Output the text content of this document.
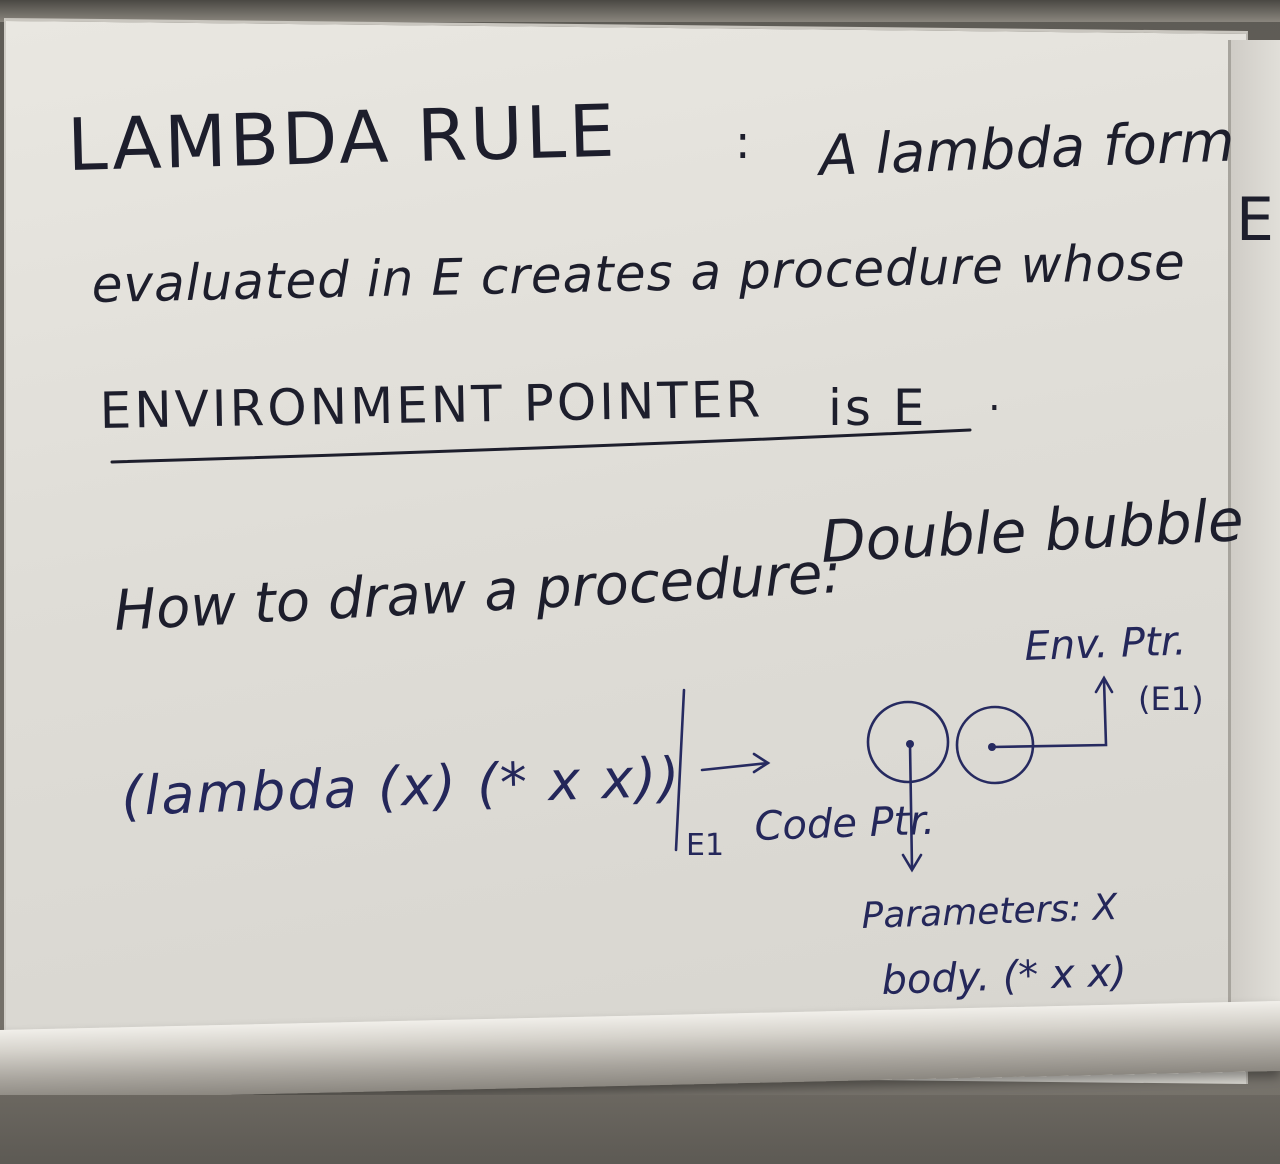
LAMBDA RULE	: A lambda form
E
evaluated in E creates a procedure whose
ENVIRONMENT POINTER is E .
How to draw a procedure:
Double bubble
(lambda (x) (* x x))
E1 Code Ptr.
Env. Ptr.
(E1)
Parameters: X
body. (* x x)
